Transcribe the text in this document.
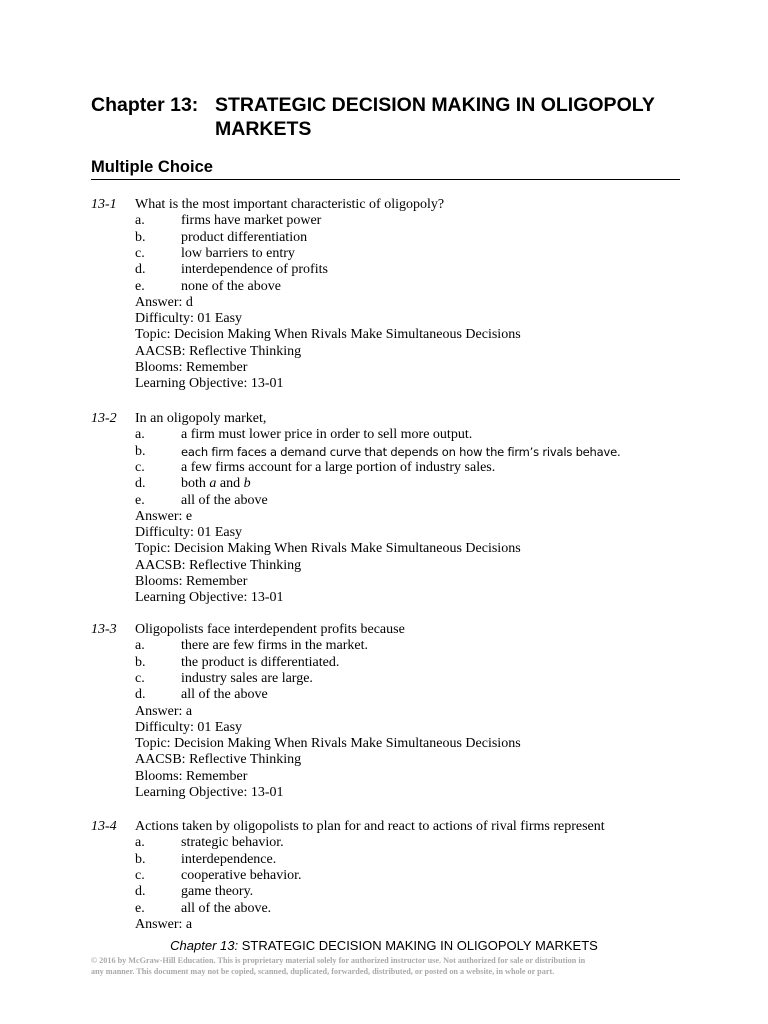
Chapter 13: STRATEGIC DECISION MAKING IN OLIGOPOLY
MARKETS
Multiple Choice
13-1 What is the most important characteristic of oligopoly?
a.	firms have market power
b.	product differentiation
c.	low barriers to entry
d.	interdependence of profits
e.	none of the above
Answer: d
Difficulty: 01 Easy
Topic: Decision Making When Rivals Make Simultaneous Decisions
AACSB: Reflective Thinking
Blooms: Remember
Learning Objective: 13-01
13-2 In an oligopoly market,
a.	a firm must lower price in order to sell more output.
b.	each firm faces a demand curve that depends on how the firm’s rivals behave.
c.	a few firms account for a large portion of industry sales.
d.	both a and b
e.	all of the above
Answer: e
Difficulty: 01 Easy
Topic: Decision Making When Rivals Make Simultaneous Decisions
AACSB: Reflective Thinking
Blooms: Remember
Learning Objective: 13-01
13-3 Oligopolists face interdependent profits because
a.	there are few firms in the market.
b.	the product is differentiated.
c.	industry sales are large.
d.	all of the above
Answer: a
Difficulty: 01 Easy
Topic: Decision Making When Rivals Make Simultaneous Decisions
AACSB: Reflective Thinking
Blooms: Remember
Learning Objective: 13-01
13-4 Actions taken by oligopolists to plan for and react to actions of rival firms represent
a.	strategic behavior.
b.	interdependence.
c.	cooperative behavior.
d.	game theory.
e.	all of the above.
Answer: a
Chapter 13: STRATEGIC DECISION MAKING IN OLIGOPOLY MARKETS
© 2016 by McGraw-Hill Education. This is proprietary material solely for authorized instructor use. Not authorized for sale or distribution in
any manner. This document may not be copied, scanned, duplicated, forwarded, distributed, or posted on a website, in whole or part.
